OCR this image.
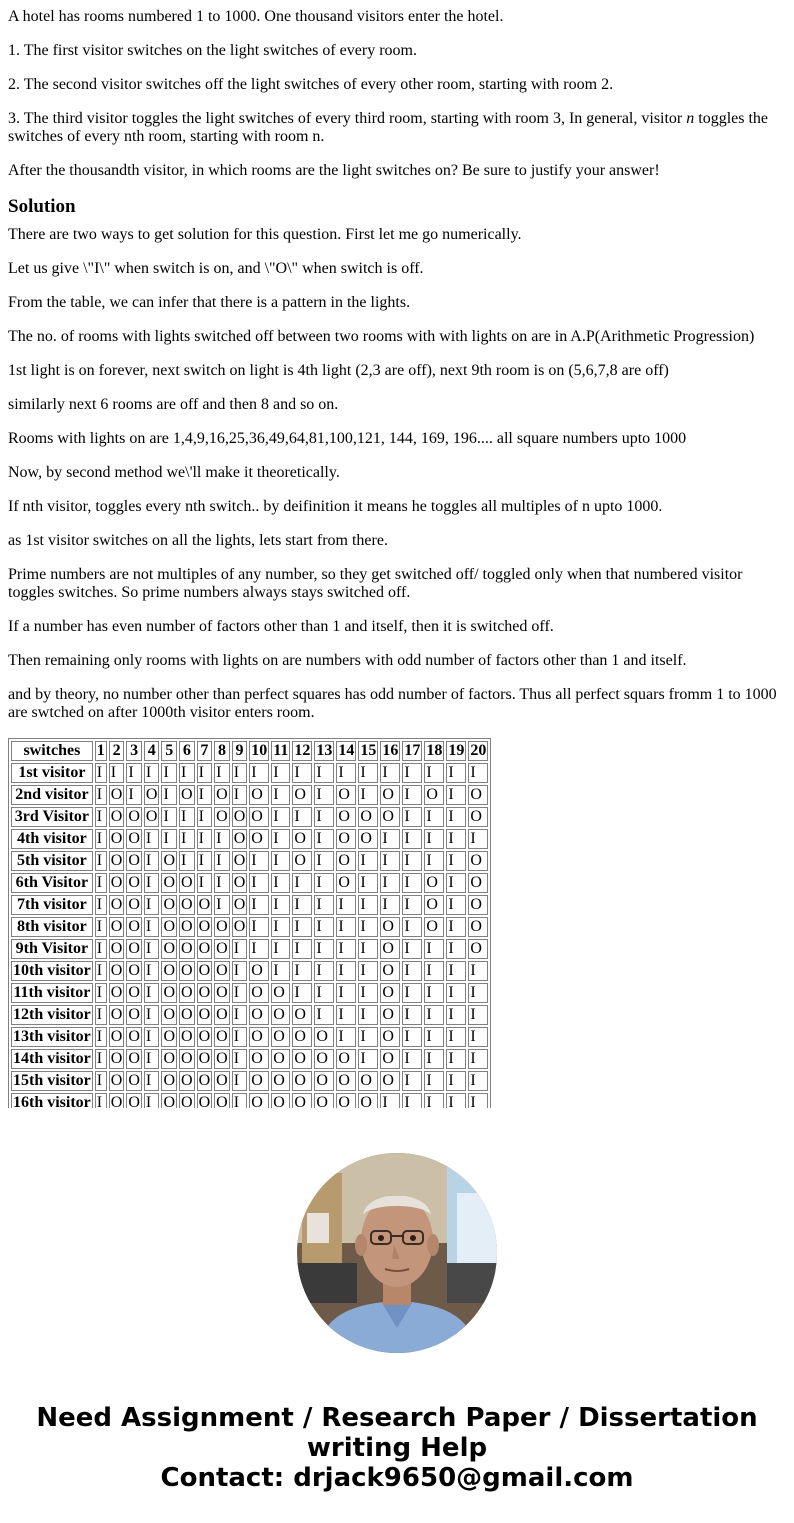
A hotel has rooms numbered 1 to 1000. One thousand visitors enter the hotel.

1. The first visitor switches on the light switches of every room.

2. The second visitor switches off the light switches of every other room, starting with room 2.

3. The third visitor toggles the light switches of every third room, starting with room 3, In general, visitor n toggles the switches of every nth room, starting with room n.

After the thousandth visitor, in which rooms are the light switches on? Be sure to justify your answer!

Solution

There are two ways to get solution for this question. First let me go numerically.

Let us give \"I\" when switch is on, and \"O\" when switch is off.

From the table, we can infer that there is a pattern in the lights.

The no. of rooms with lights switched off between two rooms with with lights on are in A.P(Arithmetic Progression)

1st light is on forever, next switch on light is 4th light (2,3 are off), next 9th room is on (5,6,7,8 are off)

similarly next 6 rooms are off and then 8 and so on.

Rooms with lights on are 1,4,9,16,25,36,49,64,81,100,121, 144, 169, 196.... all square numbers upto 1000

Now, by second method we\'ll make it theoretically.

If nth visitor, toggles every nth switch.. by deifinition it means he toggles all multiples of n upto 1000.

as 1st visitor switches on all the lights, lets start from there.

Prime numbers are not multiples of any number, so they get switched off/ toggled only when that numbered visitor toggles switches. So prime numbers always stays switched off.

If a number has even number of factors other than 1 and itself, then it is switched off.

Then remaining only rooms with lights on are numbers with odd number of factors other than 1 and itself.

and by theory, no number other than perfect squares has odd number of factors. Thus all perfect squars fromm 1 to 1000 are swtched on after 1000th visitor enters room.

switches	1	2	3	4	5	6	7	8	9	10	11	12	13	14	15	16	17	18	19	20
1st visitor	I	I	I	I	I	I	I	I	I	I	I	I	I	I	I	I	I	I	I	I
2nd visitor	I	O	I	O	I	O	I	O	I	O	I	O	I	O	I	O	I	O	I	O
3rd Visitor	I	O	O	O	I	I	I	O	O	O	I	I	I	O	O	O	I	I	I	O
4th visitor	I	O	O	I	I	I	I	I	O	O	I	O	I	O	O	I	I	I	I	I
5th visitor	I	O	O	I	O	I	I	I	O	I	I	O	I	O	I	I	I	I	I	O
6th Visitor	I	O	O	I	O	O	I	I	O	I	I	I	I	O	I	I	I	O	I	O
7th visitor	I	O	O	I	O	O	O	I	O	I	I	I	I	I	I	I	I	O	I	O
8th visitor	I	O	O	I	O	O	O	O	O	I	I	I	I	I	I	O	I	O	I	O
9th Visitor	I	O	O	I	O	O	O	O	I	I	I	I	I	I	I	O	I	I	I	O
10th visitor	I	O	O	I	O	O	O	O	I	O	I	I	I	I	I	O	I	I	I	I
11th visitor	I	O	O	I	O	O	O	O	I	O	O	I	I	I	I	O	I	I	I	I
12th visitor	I	O	O	I	O	O	O	O	I	O	O	O	I	I	I	O	I	I	I	I
13th visitor	I	O	O	I	O	O	O	O	I	O	O	O	O	I	I	O	I	I	I	I
14th visitor	I	O	O	I	O	O	O	O	I	O	O	O	O	O	I	O	I	I	I	I
15th visitor	I	O	O	I	O	O	O	O	I	O	O	O	O	O	O	O	I	I	I	I
16th visitor	I	O	O	I	O	O	O	O	I	O	O	O	O	O	O	I	I	I	I	I
Need Assignment / Research Paper / Dissertation
writing Help
Contact: drjack9650@gmail.com
